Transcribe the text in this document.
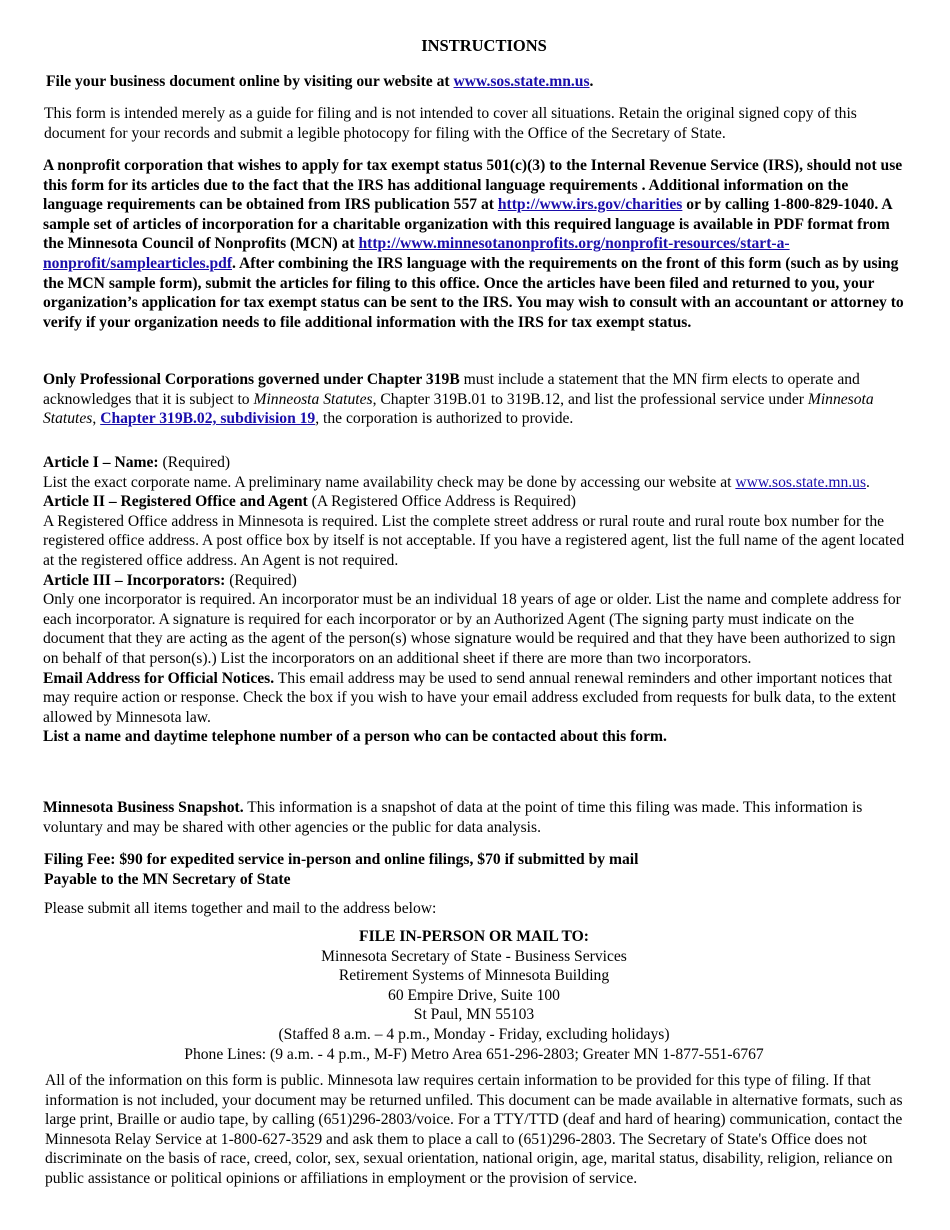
INSTRUCTIONS

File your business document online by visiting our website at www.sos.state.mn.us.

This form is intended merely as a guide for filing and is not intended to cover all situations. Retain the original signed copy of this document for your records and submit a legible photocopy for filing with the Office of the Secretary of State.

A nonprofit corporation that wishes to apply for tax exempt status 501(c)(3) to the Internal Revenue Service (IRS), should not use this form for its articles due to the fact that the IRS has additional language requirements . Additional information on the language requirements can be obtained from IRS publication 557 at http://www.irs.gov/charities or by calling 1-800-829-1040. A sample set of articles of incorporation for a charitable organization with this required language is available in PDF format from the Minnesota Council of Nonprofits (MCN) at http://www.minnesotanonprofits.org/nonprofit-resources/start-a-nonprofit/samplearticles.pdf. After combining the IRS language with the requirements on the front of this form (such as by using the MCN sample form), submit the articles for filing to this office. Once the articles have been filed and returned to you, your organization’s application for tax exempt status can be sent to the IRS. You may wish to consult with an accountant or attorney to verify if your organization needs to file additional information with the IRS for tax exempt status.

Only Professional Corporations governed under Chapter 319B must include a statement that the MN firm elects to operate and acknowledges that it is subject to Minneosta Statutes, Chapter 319B.01 to 319B.12, and list the professional service under Minnesota Statutes, Chapter 319B.02, subdivision 19, the corporation is authorized to provide.

Article I – Name: (Required)
List the exact corporate name. A preliminary name availability check may be done by accessing our website at www.sos.state.mn.us.

Article II – Registered Office and Agent (A Registered Office Address is Required)
A Registered Office address in Minnesota is required. List the complete street address or rural route and rural route box number for the registered office address. A post office box by itself is not acceptable. If you have a registered agent, list the full name of the agent located at the registered office address. An Agent is not required.

Article III – Incorporators: (Required)
Only one incorporator is required. An incorporator must be an individual 18 years of age or older. List the name and complete address for each incorporator. A signature is required for each incorporator or by an Authorized Agent (The signing party must indicate on the document that they are acting as the agent of the person(s) whose signature would be required and that they have been authorized to sign on behalf of that person(s).) List the incorporators on an additional sheet if there are more than two incorporators.

Email Address for Official Notices. This email address may be used to send annual renewal reminders and other important notices that may require action or response. Check the box if you wish to have your email address excluded from requests for bulk data, to the extent allowed by Minnesota law.

List a name and daytime telephone number of a person who can be contacted about this form.

Minnesota Business Snapshot. This information is a snapshot of data at the point of time this filing was made. This information is voluntary and may be shared with other agencies or the public for data analysis.

Filing Fee: $90 for expedited service in-person and online filings, $70 if submitted by mail
Payable to the MN Secretary of State

Please submit all items together and mail to the address below:

FILE IN-PERSON OR MAIL TO:

Minnesota Secretary of State - Business Services

Retirement Systems of Minnesota Building

60 Empire Drive, Suite 100

St Paul, MN 55103

(Staffed 8 a.m. – 4 p.m., Monday - Friday, excluding holidays)

Phone Lines: (9 a.m. - 4 p.m., M-F) Metro Area 651-296-2803; Greater MN 1-877-551-6767

All of the information on this form is public. Minnesota law requires certain information to be provided for this type of filing. If that information is not included, your document may be returned unfiled. This document can be made available in alternative formats, such as large print, Braille or audio tape, by calling (651)296-2803/voice. For a TTY/TTD (deaf and hard of hearing) communication, contact the Minnesota Relay Service at 1-800-627-3529 and ask them to place a call to (651)296-2803. The Secretary of State's Office does not discriminate on the basis of race, creed, color, sex, sexual orientation, national origin, age, marital status, disability, religion, reliance on public assistance or political opinions or affiliations in employment or the provision of service.
